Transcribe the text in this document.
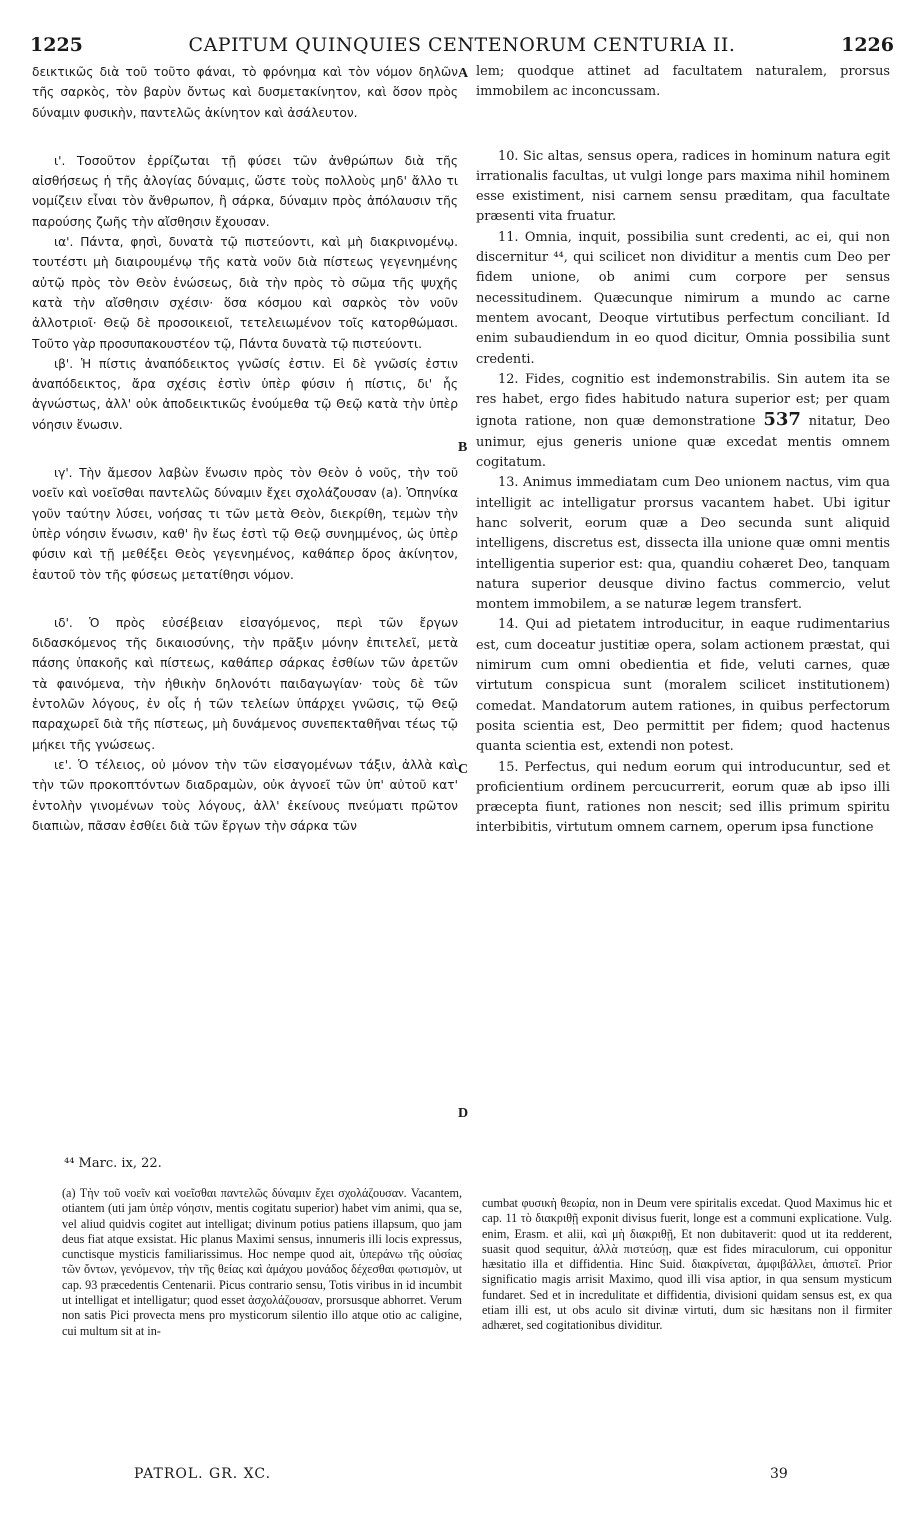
1225	CAPITUM QUINQUIES CENTENORUM CENTURIA II.	1226

δεικτικῶς διὰ τοῦ τοῦτο φάναι, τὸ φρόνημα καὶ τὸν νόμον δηλῶν τῆς σαρκὸς, τὸν βαρὺν ὄντως καὶ δυσμετακίνητον, καὶ ὅσον πρὸς δύναμιν φυσικὴν, παντελῶς ἀκίνητον καὶ ἀσάλευτον.

ι'. Τοσοῦτον ἐρρίζωται τῇ φύσει τῶν ἀνθρώπων διὰ τῆς αἰσθήσεως ἡ τῆς ἀλογίας δύναμις, ὥστε τοὺς πολλοὺς μηδ' ἄλλο τι νομίζειν εἶναι τὸν ἄνθρωπον, ἢ σάρκα, δύναμιν πρὸς ἀπόλαυσιν τῆς παρούσης ζωῆς τὴν αἴσθησιν ἔχουσαν.

ια'. Πάντα, φησὶ, δυνατὰ τῷ πιστεύοντι, καὶ μὴ διακρινομένῳ. τουτέστι μὴ διαιρουμένῳ τῆς κατὰ νοῦν διὰ πίστεως γεγενημένης αὐτῷ πρὸς τὸν Θεὸν ἑνώσεως, διὰ τὴν πρὸς τὸ σῶμα τῆς ψυχῆς κατὰ τὴν αἴσθησιν σχέσιν· ὅσα κόσμου καὶ σαρκὸς τὸν νοῦν ἀλλοτριοῖ· Θεῷ δὲ προσοικειοῖ, τετελειωμένον τοῖς κατορθώμασι. Τοῦτο γὰρ προσυπακουστέον τῷ, Πάντα δυνατὰ τῷ πιστεύοντι.

ιβ'. Ἡ πίστις ἀναπόδεικτος γνῶσίς ἐστιν. Εἰ δὲ γνῶσίς ἐστιν ἀναπόδεικτος, ἄρα σχέσις ἐστὶν ὑπὲρ φύσιν ἡ πίστις, δι' ἧς ἀγνώστως, ἀλλ' οὐκ ἀποδεικτικῶς ἑνούμεθα τῷ Θεῷ κατὰ τὴν ὑπὲρ νόησιν ἕνωσιν.

ιγ'. Τὴν ἄμεσον λαβὼν ἕνωσιν πρὸς τὸν Θεὸν ὁ νοῦς, τὴν τοῦ νοεῖν καὶ νοεῖσθαι παντελῶς δύναμιν ἔχει σχολάζουσαν (a). Ὁπηνίκα γοῦν ταύτην λύσει, νοήσας τι τῶν μετὰ Θεὸν, διεκρίθη, τεμὼν τὴν ὑπὲρ νόησιν ἕνωσιν, καθ' ἣν ἕως ἐστὶ τῷ Θεῷ συνημμένος, ὡς ὑπὲρ φύσιν καὶ τῇ μεθέξει Θεὸς γεγενημένος, καθάπερ ὅρος ἀκίνητον, ἑαυτοῦ τὸν τῆς φύσεως μετατίθησι νόμον.

ιδ'. Ὁ πρὸς εὐσέβειαν εἰσαγόμενος, περὶ τῶν ἔργων διδασκόμενος τῆς δικαιοσύνης, τὴν πρᾶξιν μόνην ἐπιτελεῖ, μετὰ πάσης ὑπακοῆς καὶ πίστεως, καθάπερ σάρκας ἐσθίων τῶν ἀρετῶν τὰ φαινόμενα, τὴν ἠθικὴν δηλονότι παιδαγωγίαν· τοὺς δὲ τῶν ἐντολῶν λόγους, ἐν οἷς ἡ τῶν τελείων ὑπάρχει γνῶσις, τῷ Θεῷ παραχωρεῖ διὰ τῆς πίστεως, μὴ δυνάμενος συνεπεκταθῆναι τέως τῷ μήκει τῆς γνώσεως.

ιε'. Ὁ τέλειος, οὐ μόνον τὴν τῶν εἰσαγομένων τάξιν, ἀλλὰ καὶ τὴν τῶν προκοπτόντων διαδραμὼν, οὐκ ἀγνοεῖ τῶν ὑπ' αὐτοῦ κατ' ἐντολὴν γινομένων τοὺς λόγους, ἀλλ' ἐκείνους πνεύματι πρῶτον διαπιὼν, πᾶσαν ἐσθίει διὰ τῶν ἔργων τὴν σάρκα τῶν

A
B
C
D

lem; quodque attinet ad facultatem naturalem, prorsus immobilem ac inconcussam.

10. Sic altas, sensus opera, radices in hominum natura egit irrationalis facultas, ut vulgi longe pars maxima nihil hominem esse existiment, nisi carnem sensu præditam, qua facultate præsenti vita fruatur.

11. Omnia, inquit, possibilia sunt credenti, ac ei, qui non discernitur ⁴⁴, qui scilicet non dividitur a mentis cum Deo per fidem unione, ob animi cum corpore per sensus necessitudinem. Quæcunque nimirum a mundo ac carne mentem avocant, Deoque virtutibus perfectum conciliant. Id enim subaudiendum in eo quod dicitur, Omnia possibilia sunt credenti.

12. Fides, cognitio est indemonstrabilis. Sin autem ita se res habet, ergo fides habitudo natura superior est; per quam ignota ratione, non quæ demonstratione 537 nitatur, Deo unimur, ejus generis unione quæ excedat mentis omnem cogitatum.

13. Animus immediatam cum Deo unionem nactus, vim qua intelligit ac intelligatur prorsus vacantem habet. Ubi igitur hanc solverit, eorum quæ a Deo secunda sunt aliquid intelligens, discretus est, dissecta illa unione quæ omni mentis intelligentia superior est: qua, quandiu cohæret Deo, tanquam natura superior deusque divino factus commercio, velut montem immobilem, a se naturæ legem transfert.

14. Qui ad pietatem introducitur, in eaque rudimentarius est, cum doceatur justitiæ opera, solam actionem præstat, qui nimirum cum omni obedientia et fide, veluti carnes, quæ virtutum conspicua sunt (moralem scilicet institutionem) comedat. Mandatorum autem rationes, in quibus perfectorum posita scientia est, Deo permittit per fidem; quod hactenus quanta scientia est, extendi non potest.

15. Perfectus, qui nedum eorum qui introducuntur, sed et proficientium ordinem percucurrerit, eorum quæ ab ipso illi præcepta fiunt, rationes non nescit; sed illis primum spiritu interbibitis, virtutum omnem carnem, operum ipsa functione

⁴⁴ Marc. ix, 22.
(a) Τὴν τοῦ νοεῖν καὶ νοεῖσθαι παντελῶς δύναμιν ἔχει σχολάζουσαν. Vacantem, otiantem (uti jam ὑπὲρ νόησιν, mentis cogitatu superior) habet vim animi, qua se, vel aliud quidvis cogitet aut intelligat; divinum potius patiens illapsum, quo jam deus fiat atque exsistat. Hic planus Maximi sensus, innumeris illi locis expressus, cunctisque mysticis familiarissimus. Hoc nempe quod ait, ὑπεράνω τῆς οὐσίας τῶν ὄντων, γενόμενον, τὴν τῆς θείας καὶ ἀμάχου μονάδος δέχεσθαι φωτισμὸν, ut cap. 93 præcedentis Centenarii. Picus contrario sensu, Totis viribus in id incumbit ut intelligat et intelligatur; quod esset ἀσχολάζουσαν, prorsusque abhorret. Verum non satis Pici provecta mens pro mysticorum silentio illo atque otio ac caligine, cui multum sit at in-
cumbat φυσικὴ θεωρία, non in Deum vere spiritalis excedat. Quod Maximus hic et cap. 11 τὸ διακριθῇ exponit divisus fuerit, longe est a communi explicatione. Vulg. enim, Erasm. et alii, καὶ μὴ διακριθῇ, Et non dubitaverit: quod ut ita redderent, suasit quod sequitur, ἀλλὰ πιστεύσῃ, quæ est fides miraculorum, cui opponitur hæsitatio illa et diffidentia. Hinc Suid. διακρίνεται, ἀμφιβάλλει, ἀπιστεῖ. Prior significatio magis arrisit Maximo, quod illi visa aptior, in qua sensum mysticum fundaret. Sed et in incredulitate et diffidentia, divisioni quidam sensus est, ex qua etiam illi est, ut obs aculo sit divinæ virtuti, dum sic hæsitans non il firmiter adhæret, sed cogitationibus dividitur.
PATROL. GR. XC.	39
